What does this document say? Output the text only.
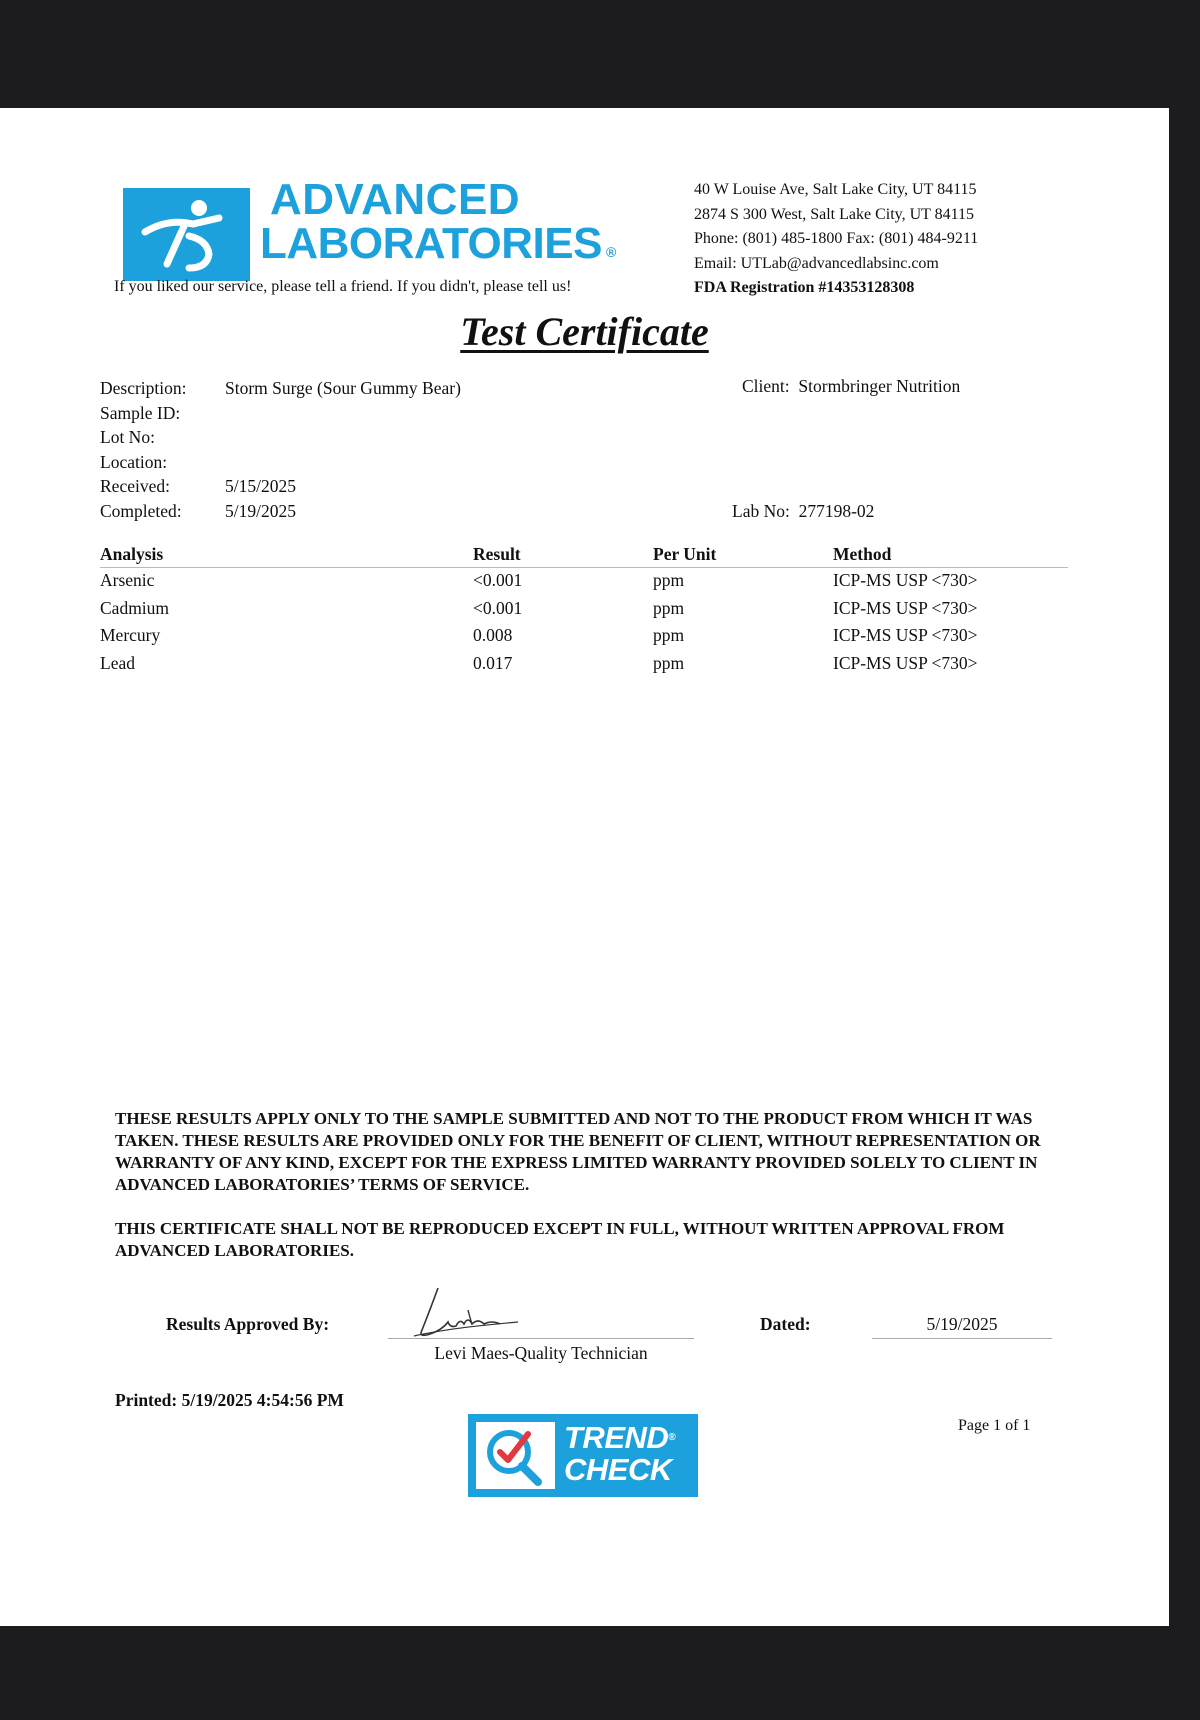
ADVANCED
LABORATORIES ®
If you liked our service, please tell a friend. If you didn't, please tell us!
40 W Louise Ave, Salt Lake City, UT 84115
2874 S 300 West, Salt Lake City, UT 84115
Phone: (801) 485-1800 Fax: (801) 484-9211
Email: UTLab@advancedlabsinc.com
FDA Registration #14353128308
Test Certificate
Description: Storm Surge (Sour Gummy Bear)
Sample ID:
Lot No:
Location:
Received:	5/15/2025
Completed: 5/19/2025
Client: Stormbringer Nutrition
Lab No: 277198-02
Analysis	Result	Per Unit	Method
Arsenic	<0.001	ppm	ICP-MS USP <730>
Cadmium	<0.001	ppm	ICP-MS USP <730>
Mercury	0.008	ppm	ICP-MS USP <730>
Lead	0.017	ppm	ICP-MS USP <730>

THESE RESULTS APPLY ONLY TO THE SAMPLE SUBMITTED AND NOT TO THE PRODUCT FROM WHICH IT WAS TAKEN. THESE RESULTS ARE PROVIDED ONLY FOR THE BENEFIT OF CLIENT, WITHOUT REPRESENTATION OR WARRANTY OF ANY KIND, EXCEPT FOR THE EXPRESS LIMITED WARRANTY PROVIDED SOLELY TO CLIENT IN ADVANCED LABORATORIES’ TERMS OF SERVICE.

THIS CERTIFICATE SHALL NOT BE REPRODUCED EXCEPT IN FULL, WITHOUT WRITTEN APPROVAL FROM ADVANCED LABORATORIES.

Results Approved By:
Levi Maes-Quality Technician
Dated:	5/19/2025
Printed: 5/19/2025 4:54:56 PM
TREND®
CHECK
Page 1 of 1
